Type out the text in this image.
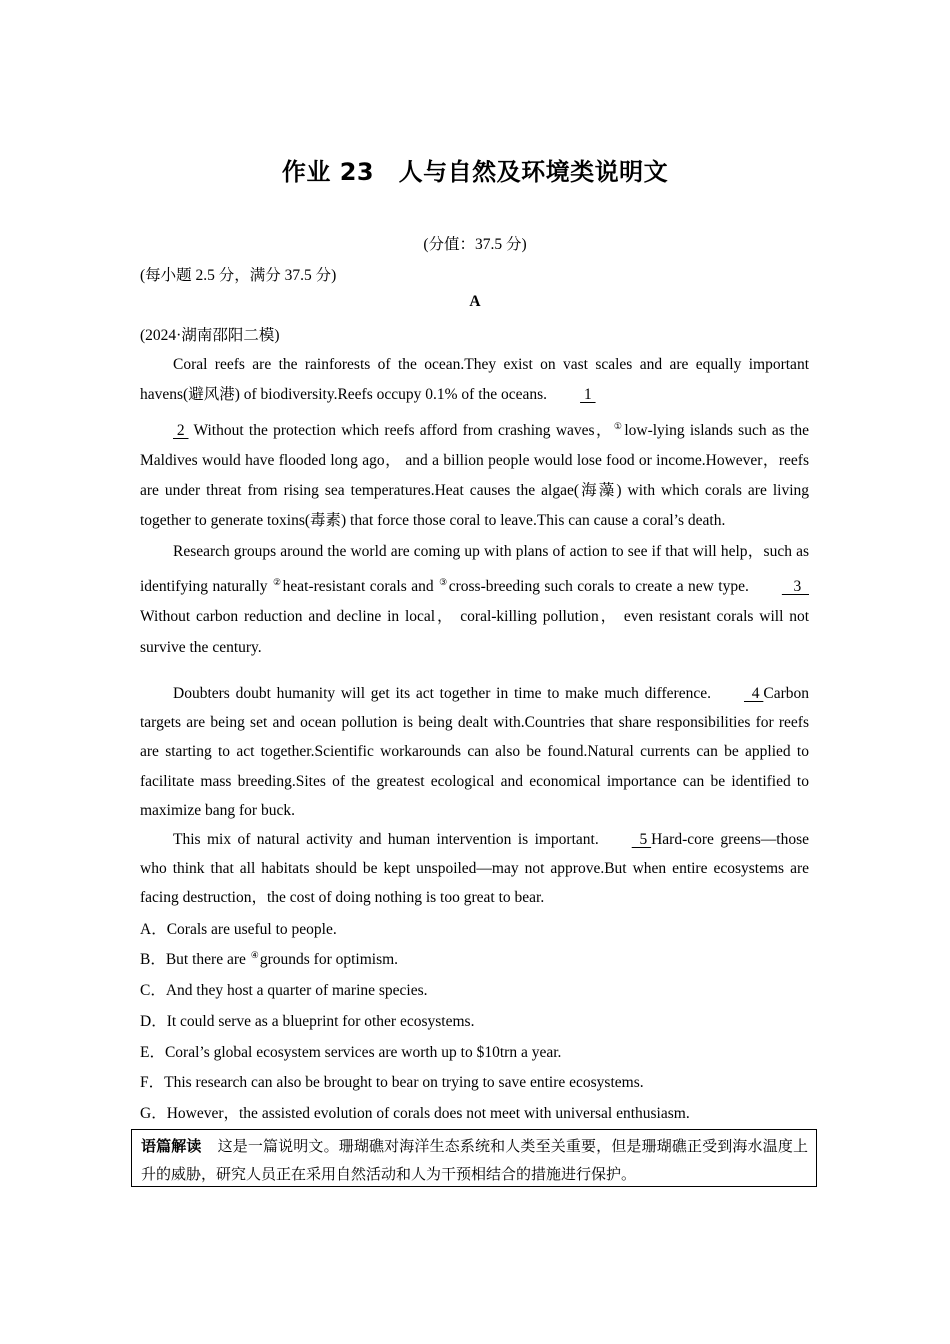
作业 23　人与自然及环境类说明文
(分值：37.5 分)
(每小题 2.5 分，满分 37.5 分)
A
(2024·湖南邵阳二模)

Coral reefs are the rainforests of the ocean.They exist on vast scales and are equally important havens(避风港) of biodiversity.Reefs occupy 0.1% of the oceans. 1
2  Without the protection which reefs afford from crashing waves，①low-lying islands such as the Maldives would have flooded long ago， and a billion people would lose food or income.However，reefs are under threat from rising sea temperatures.Heat causes the algae(海藻) with which corals are living together to generate toxins(毒素) that force those coral to leave.This can cause a coral’s death.

Research groups around the world are coming up with plans of action to see if that will help，such as identifying naturally ②heat-resistant corals and ③cross-breeding such corals to create a new type.   3  Without carbon reduction and decline in local， coral-killing pollution， even resistant corals will not survive the century.

Doubters doubt humanity will get its act together in time to make much difference.  4 Carbon targets are being set and ocean pollution is being dealt with.Countries that share responsibilities for reefs are starting to act together.Scientific workarounds can also be found.Natural currents can be applied to facilitate mass breeding.Sites of the greatest ecological and economical importance can be identified to maximize bang for buck.

This mix of natural activity and human intervention is important.  5 Hard-core greens—those who think that all habitats should be kept unspoiled—may not approve.But when entire ecosystems are facing destruction，the cost of doing nothing is too great to bear.

A．Corals are useful to people.
B．But there are ④grounds for optimism.
C．And they host a quarter of marine species.
D．It could serve as a blueprint for other ecosystems.
E．Coral’s global ecosystem services are worth up to $10trn a year.
F．This research can also be brought to bear on trying to save entire ecosystems.
G．However，the assisted evolution of corals does not meet with universal enthusiasm.
语篇解读 这是一篇说明文。珊瑚礁对海洋生态系统和人类至关重要，但是珊瑚礁正受到海水温度上升的威胁，研究人员正在采用自然活动和人为干预相结合的措施进行保护。
